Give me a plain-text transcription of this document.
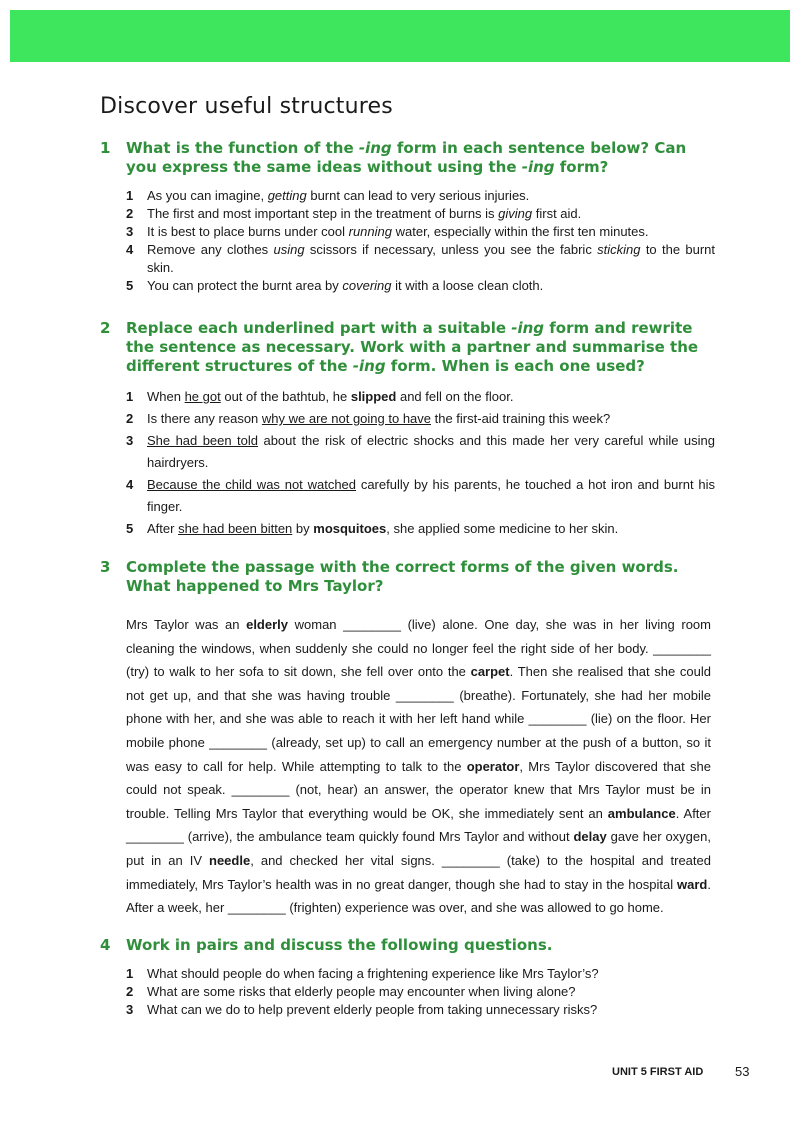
Discover useful structures
1 What is the function of the -ing form in each sentence below? Can you express the same ideas without using the -ing form?
1 As you can imagine, getting burnt can lead to very serious injuries.
2 The first and most important step in the treatment of burns is giving first aid.
3 It is best to place burns under cool running water, especially within the first ten minutes.
4 Remove any clothes using scissors if necessary, unless you see the fabric sticking to the burnt skin.
5 You can protect the burnt area by covering it with a loose clean cloth.
2 Replace each underlined part with a suitable -ing form and rewrite the sentence as necessary. Work with a partner and summarise the different structures of the -ing form. When is each one used?
1 When he got out of the bathtub, he slipped and fell on the floor.
2 Is there any reason why we are not going to have the first-aid training this week?
3 She had been told about the risk of electric shocks and this made her very careful while using hairdryers.
4 Because the child was not watched carefully by his parents, he touched a hot iron and burnt his finger.
5 After she had been bitten by mosquitoes, she applied some medicine to her skin.
3 Complete the passage with the correct forms of the given words. What happened to Mrs Taylor?
Mrs Taylor was an elderly woman ________ (live) alone. One day, she was in her living room cleaning the windows, when suddenly she could no longer feel the right side of her body. ________ (try) to walk to her sofa to sit down, she fell over onto the carpet. Then she realised that she could not get up, and that she was having trouble ________ (breathe). Fortunately, she had her mobile phone with her, and she was able to reach it with her left hand while ________ (lie) on the floor. Her mobile phone ________ (already, set up) to call an emergency number at the push of a button, so it was easy to call for help. While attempting to talk to the operator, Mrs Taylor discovered that she could not speak. ________ (not, hear) an answer, the operator knew that Mrs Taylor must be in trouble. Telling Mrs Taylor that everything would be OK, she immediately sent an ambulance. After ________ (arrive), the ambulance team quickly found Mrs Taylor and without delay gave her oxygen, put in an IV needle, and checked her vital signs. ________ (take) to the hospital and treated immediately, Mrs Taylor’s health was in no great danger, though she had to stay in the hospital ward. After a week, her ________ (frighten) experience was over, and she was allowed to go home.
4 Work in pairs and discuss the following questions.
1 What should people do when facing a frightening experience like Mrs Taylor’s?
2 What are some risks that elderly people may encounter when living alone?
3 What can we do to help prevent elderly people from taking unnecessary risks?
UNIT 5 FIRST AID 53
